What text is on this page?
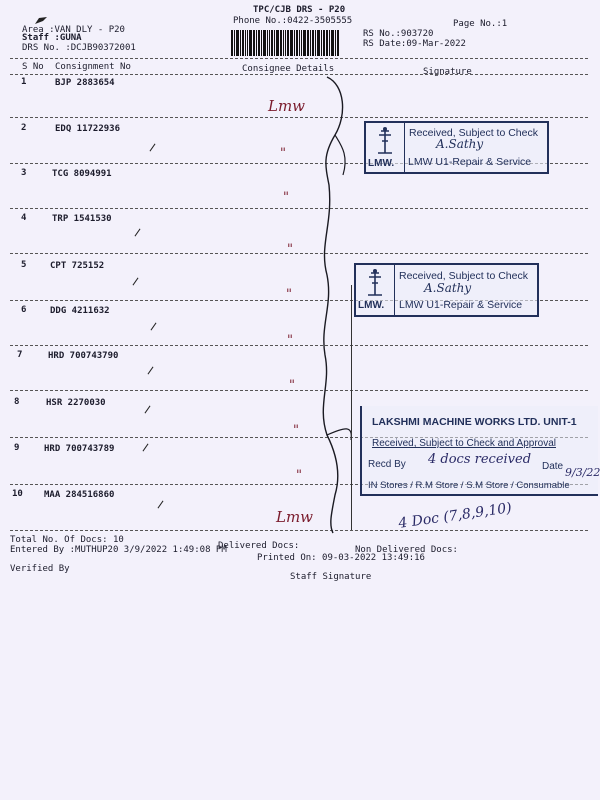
TPC/CJB DRS - P20
Phone No.:0422-3505555	Page No.:1
Area :VAN DLY - P20
Staff :GUNA
DRS No. :DCJB90372001
RS No.:903720
RS Date:09-Mar-2022
S No Consignment No	Consignee Details	Signature
1	BJP 2883654
2	EDQ 11722936
3	TCG 8094991
4	TRP 1541530
5	CPT 725152
6	DDG 4211632
7	HRD 700743790
8	HSR 2270030
9	HRD 700743789
10 MAA 284516860
Lmw
"
"
"
"
"
"
"
"
Lmw
LMW.
Received, Subject to Check
LMW U1-Repair & Service
A.Sathy
LMW.
Received, Subject to Check
LMW U1-Repair & Service
A.Sathy
LAKSHMI MACHINE WORKS LTD. UNIT-1
Received, Subject to Check and Approval
Recd By	Date
IN Stores / R.M Store / S.M Store / Consumable
4 docs received
9/3/22
4 Doc (7,8,9,10)
Total No. Of Docs: 10
Entered By :MUTHUP20 3/9/2022 1:49:08 PM
Delivered Docs:
Printed On: 09-03-2022 13:49:16
Non Delivered Docs:
Verified By
Staff Signature
